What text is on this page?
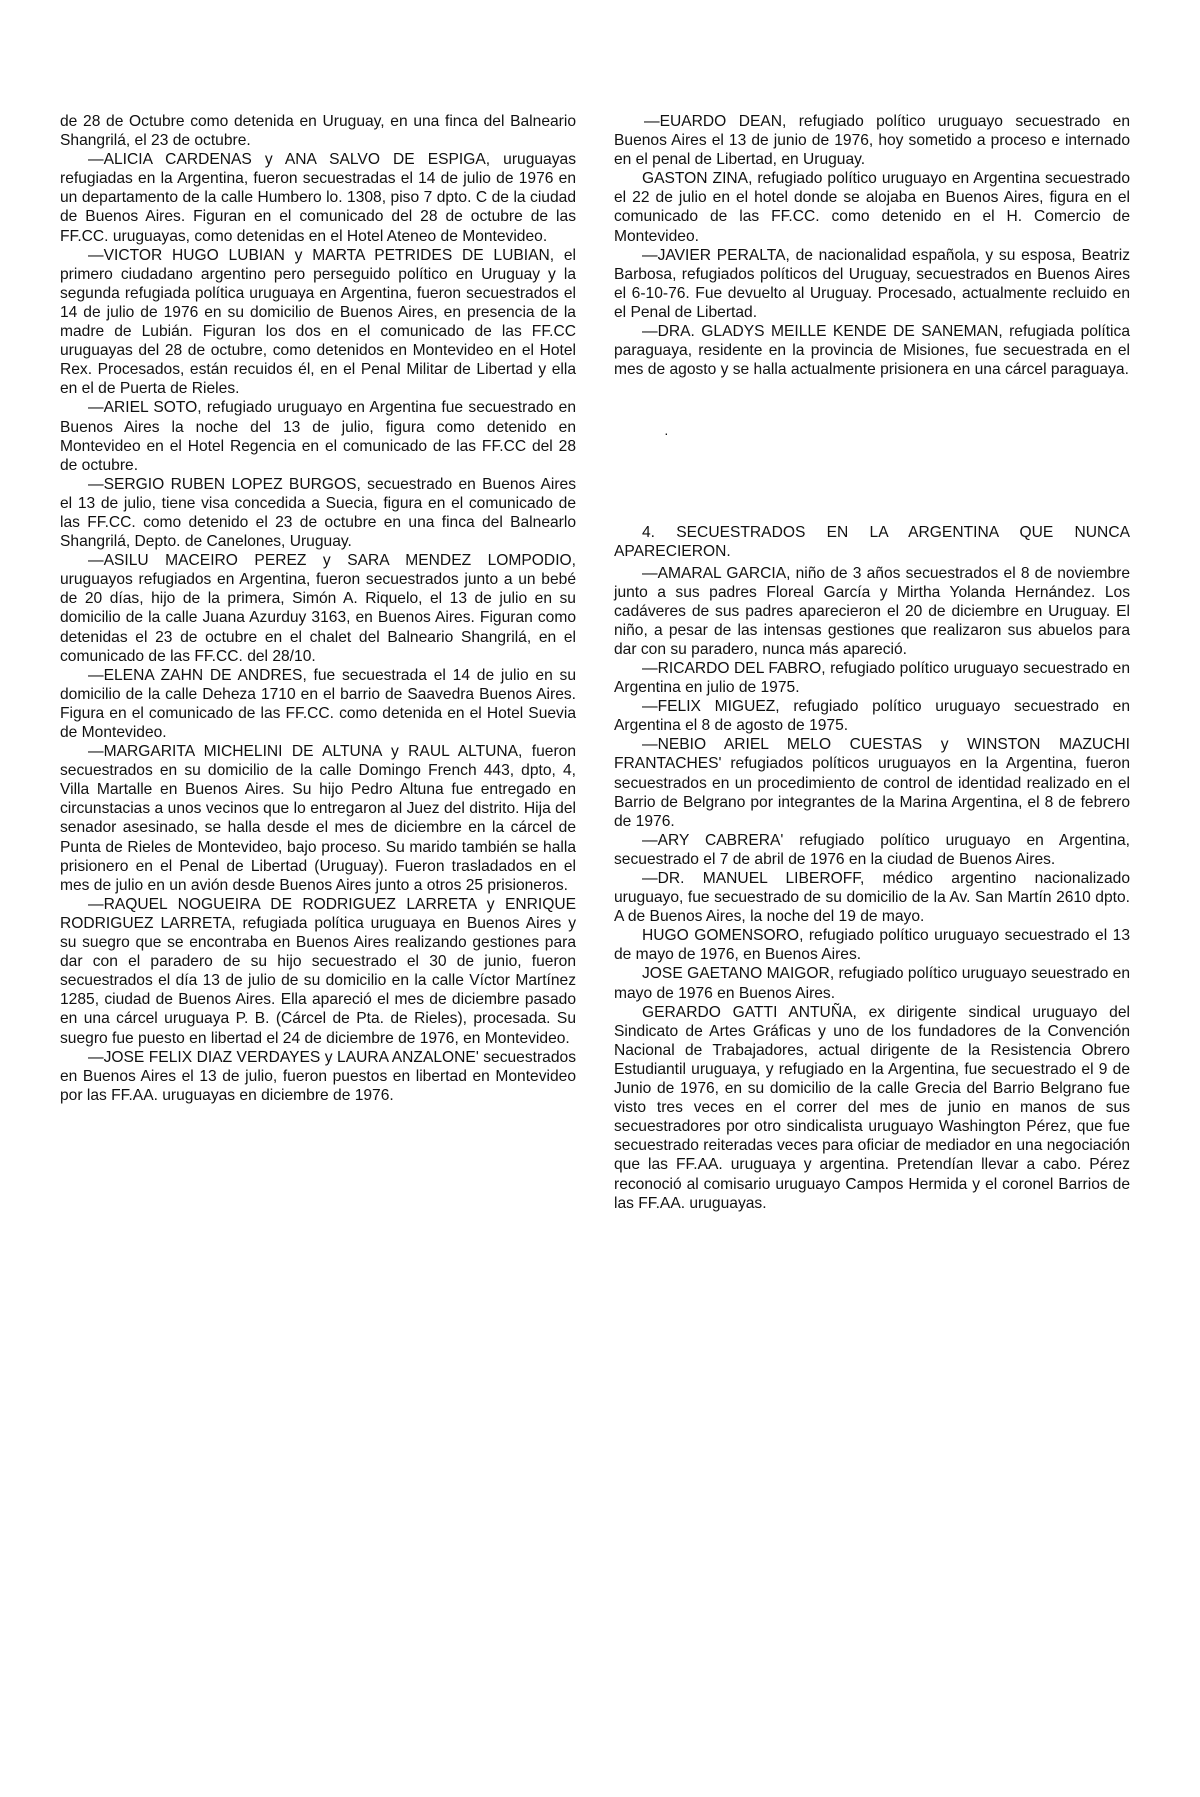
de 28 de Octubre como detenida en Uruguay, en una finca del Balneario Shangrilá, el 23 de octubre.

—ALICIA CARDENAS y ANA SALVO DE ESPIGA, uruguayas refugiadas en la Argentina, fueron secuestradas el 14 de julio de 1976 en un departamento de la calle Humbero lo. 1308, piso 7 dpto. C de la ciudad de Buenos Aires. Figuran en el comunicado del 28 de octubre de las FF.CC. uruguayas, como detenidas en el Hotel Ateneo de Montevideo.

—VICTOR HUGO LUBIAN y MARTA PETRIDES DE LUBIAN, el primero ciudadano argentino pero perseguido político en Uruguay y la segunda refugiada política uruguaya en Argentina, fueron secuestrados el 14 de julio de 1976 en su domicilio de Buenos Aires, en presencia de la madre de Lubián. Figuran los dos en el comunicado de las FF.CC uruguayas del 28 de octubre, como detenidos en Montevideo en el Hotel Rex. Procesados, están recuidos él, en el Penal Militar de Libertad y ella en el de Puerta de Rieles.

—ARIEL SOTO, refugiado uruguayo en Argentina fue secuestrado en Buenos Aires la noche del 13 de julio, figura como detenido en Montevideo en el Hotel Regencia en el comunicado de las FF.CC del 28 de octubre.

—SERGIO RUBEN LOPEZ BURGOS, secuestrado en Buenos Aires el 13 de julio, tiene visa concedida a Suecia, figura en el comunicado de las FF.CC. como detenido el 23 de octubre en una finca del Balnearlo Shangrilá, Depto. de Canelones, Uruguay.

—ASILU MACEIRO PEREZ y SARA MENDEZ LOMPODIO, uruguayos refugiados en Argentina, fueron secuestrados junto a un bebé de 20 días, hijo de la primera, Simón A. Riquelo, el 13 de julio en su domicilio de la calle Juana Azurduy 3163, en Buenos Aires. Figuran como detenidas el 23 de octubre en el chalet del Balneario Shangrilá, en el comunicado de las FF.CC. del 28/10.

—ELENA ZAHN DE ANDRES, fue secuestrada el 14 de julio en su domicilio de la calle Deheza 1710 en el barrio de Saavedra Buenos Aires. Figura en el comunicado de las FF.CC. como detenida en el Hotel Suevia de Montevideo.

—MARGARITA MICHELINI DE ALTUNA y RAUL ALTUNA, fueron secuestrados en su domicilio de la calle Domingo French 443, dpto, 4, Villa Martalle en Buenos Aires. Su hijo Pedro Altuna fue entregado en circunstacias a unos vecinos que lo entregaron al Juez del distrito. Hija del senador asesinado, se halla desde el mes de diciembre en la cárcel de Punta de Rieles de Montevideo, bajo proceso. Su marido también se halla prisionero en el Penal de Libertad (Uruguay). Fueron trasladados en el mes de julio en un avión desde Buenos Aires junto a otros 25 prisioneros.

—RAQUEL NOGUEIRA DE RODRIGUEZ LARRETA y ENRIQUE RODRIGUEZ LARRETA, refugiada política uruguaya en Buenos Aires y su suegro que se encontraba en Buenos Aires realizando gestiones para dar con el paradero de su hijo secuestrado el 30 de junio, fueron secuestrados el día 13 de julio de su domicilio en la calle Víctor Martínez 1285, ciudad de Buenos Aires. Ella apareció el mes de diciembre pasado en una cárcel uruguaya P. B. (Cárcel de Pta. de Rieles), procesada. Su suegro fue puesto en libertad el 24 de diciembre de 1976, en Montevideo.

—JOSE FELIX DIAZ VERDAYES y LAURA ANZALONE' secuestrados en Buenos Aires el 13 de julio, fueron puestos en libertad en Montevideo por las FF.AA. uruguayas en diciembre de 1976.

—EUARDO DEAN, refugiado político uruguayo secuestrado en Buenos Aires el 13 de junio de 1976, hoy sometido a proceso e internado en el penal de Libertad, en Uruguay.

GASTON ZINA, refugiado político uruguayo en Argentina secuestrado el 22 de julio en el hotel donde se alojaba en Buenos Aires, figura en el comunicado de las FF.CC. como detenido en el H. Comercio de Montevideo.

—JAVIER PERALTA, de nacionalidad española, y su esposa, Beatriz Barbosa, refugiados políticos del Uruguay, secuestrados en Buenos Aires el 6-10-76. Fue devuelto al Uruguay. Procesado, actualmente recluido en el Penal de Libertad.

—DRA. GLADYS MEILLE KENDE DE SANEMAN, refugiada política paraguaya, residente en la provincia de Misiones, fue secuestrada en el mes de agosto y se halla actualmente prisionera en una cárcel paraguaya.

4. SECUESTRADOS EN LA ARGENTINA QUE NUNCA APARECIERON.

—AMARAL GARCIA, niño de 3 años secuestrados el 8 de noviembre junto a sus padres Floreal García y Mirtha Yolanda Hernández. Los cadáveres de sus padres aparecieron el 20 de diciembre en Uruguay. El niño, a pesar de las intensas gestiones que realizaron sus abuelos para dar con su paradero, nunca más apareció.

—RICARDO DEL FABRO, refugiado político uruguayo secuestrado en Argentina en julio de 1975.

—FELIX MIGUEZ, refugiado político uruguayo secuestrado en Argentina el 8 de agosto de 1975.

—NEBIO ARIEL MELO CUESTAS y WINSTON MAZUCHI FRANTACHES' refugiados políticos uruguayos en la Argentina, fueron secuestrados en un procedimiento de control de identidad realizado en el Barrio de Belgrano por integrantes de la Marina Argentina, el 8 de febrero de 1976.

—ARY CABRERA' refugiado político uruguayo en Argentina, secuestrado el 7 de abril de 1976 en la ciudad de Buenos Aires.

—DR. MANUEL LIBEROFF, médico argentino nacionalizado uruguayo, fue secuestrado de su domicilio de la Av. San Martín 2610 dpto. A de Buenos Aires, la noche del 19 de mayo.

HUGO GOMENSORO, refugiado político uruguayo secuestrado el 13 de mayo de 1976, en Buenos Aires.

JOSE GAETANO MAIGOR, refugiado político uruguayo seuestrado en mayo de 1976 en Buenos Aires.

GERARDO GATTI ANTUÑA, ex dirigente sindical uruguayo del Sindicato de Artes Gráficas y uno de los fundadores de la Convención Nacional de Trabajadores, actual dirigente de la Resistencia Obrero Estudiantil uruguaya, y refugiado en la Argentina, fue secuestrado el 9 de Junio de 1976, en su domicilio de la calle Grecia del Barrio Belgrano fue visto tres veces en el correr del mes de junio en manos de sus secuestradores por otro sindicalista uruguayo Washington Pérez, que fue secuestrado reiteradas veces para oficiar de mediador en una negociación que las FF.AA. uruguaya y argentina. Pretendían llevar a cabo. Pérez reconoció al comisario uruguayo Campos Hermida y el coronel Barrios de las FF.AA. uruguayas.

·
